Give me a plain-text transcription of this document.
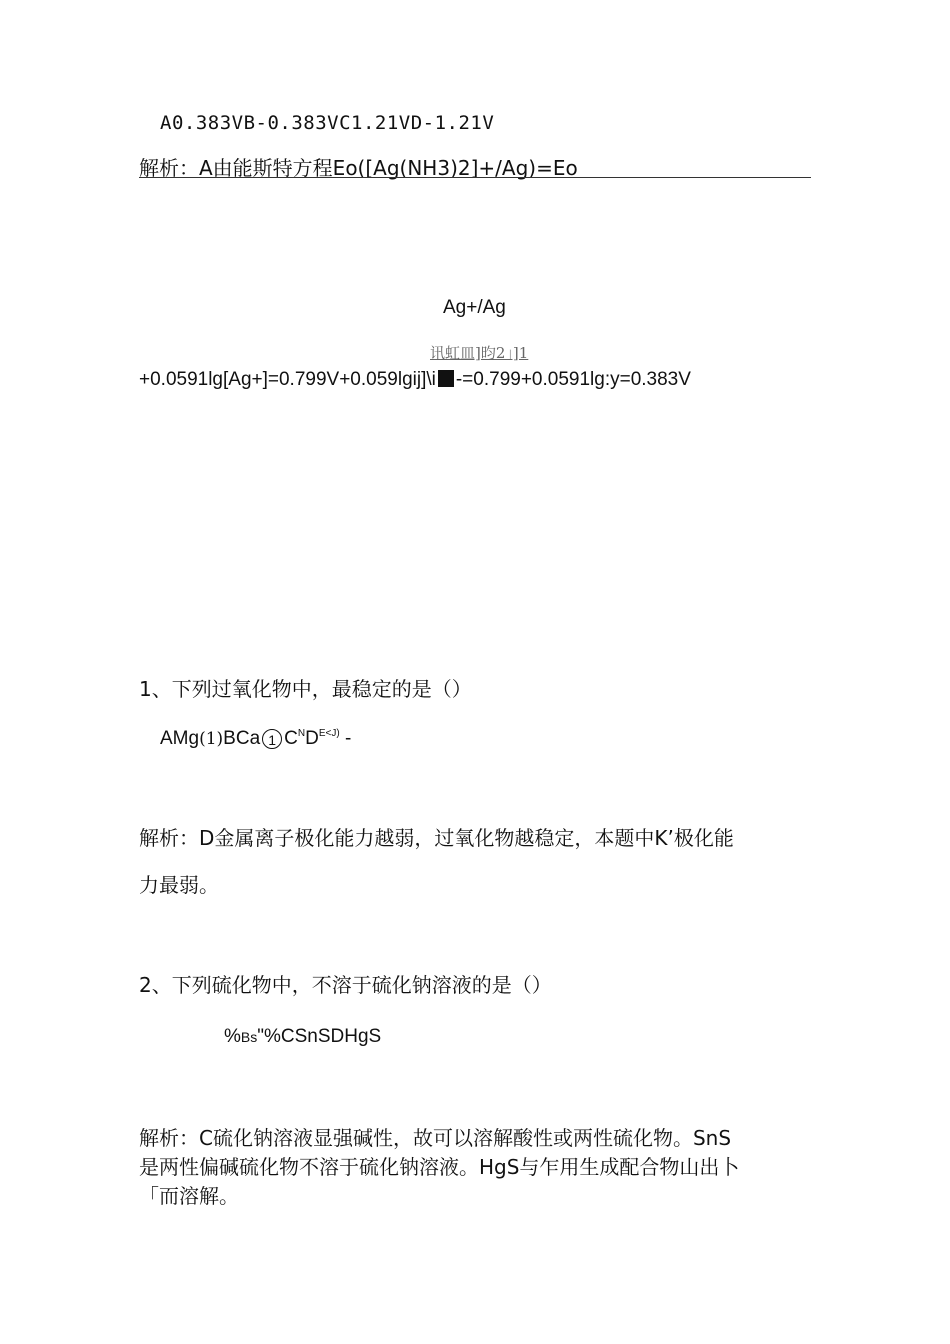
A0.383VB-0.383VC1.21VD-1.21V
解析：A由能斯特方程Eo([Ag(NH3)2]+/Ag)=Eo
Ag+/Ag
讯虹皿]昀2」]1
+0.0591lg[Ag+]=0.799V+0.059lgij]\i -=0.799+0.0591lg:y=0.383V
1、下列过氧化物中，最稳定的是（）
AMg(1)BCa 1 $C^ND^{E<J)}$ -
解析：D金属离子极化能力越弱，过氧化物越稳定，本题中K’极化能
力最弱。
2、下列硫化物中，不溶于硫化钠溶液的是（）
%Bs"%CSnSDHgS
解析：C硫化钠溶液显强碱性，故可以溶解酸性或两性硫化物。SnS
是两性偏碱硫化物不溶于硫化钠溶液。HgS与乍用生成配合物山出卜
「而溶解。
